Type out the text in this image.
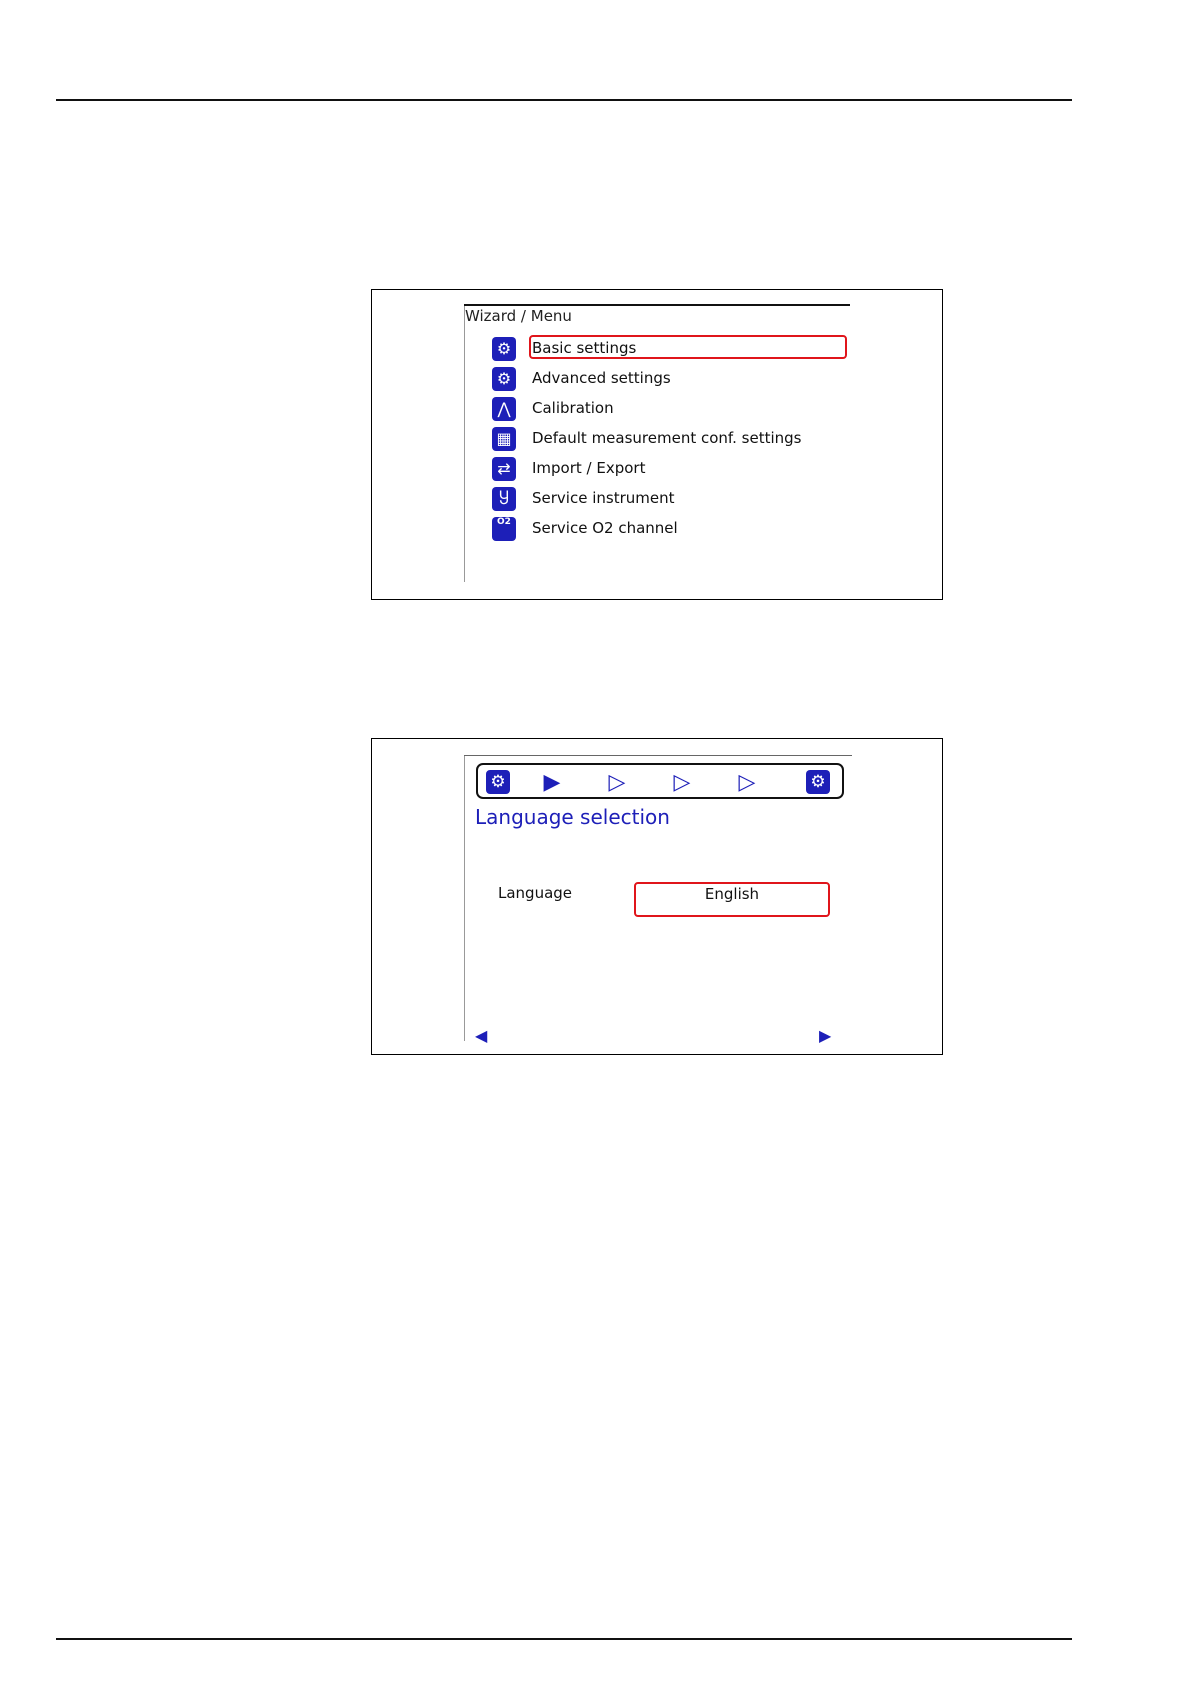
Wizard / Menu
⚙	Basic settings
⚙	Advanced settings
⋀	Calibration
▦ Default measurement conf. settings
⇄	Import / Export
Ⴘ	Service instrument
O2 Service O2 channel
⚙ ▶ ▷ ▷ ▷	⚙
Language selection
Language	English
◀	▶
